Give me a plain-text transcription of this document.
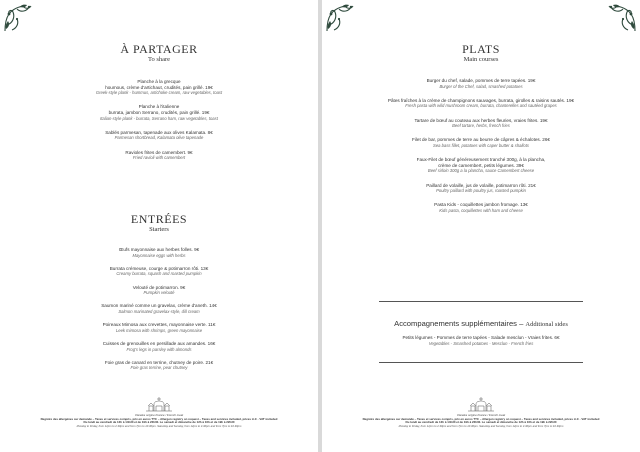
À PARTAGER
To share
Planche à la grecque
houmous, crème d'artichaut, crudités, pain grillé. 19€
Greek-style plank - hummus, artichoke cream, raw vegetables, toast
Planche à l'italienne
burrata, jambon Serrano, crudités, pain grillé. 19€
Italian-style plank - burrata, Serrano ham, raw vegetables, toast
Sablés parmesan, tapenade aux olives Kalamata. 8€
Parmesan shortbread, Kalamata olive tapenade
Ravioles frites de camembert. 9€
Fried ravioli with camembert
ENTRÉES
Starters
Œufs mayonnaise aux herbes folles. 9€
Mayonnaise eggs with herbs
Burrata crémeuse, courge & potimarron rôti. 13€
Creamy burrata, squash and roasted pumpkin
Velouté de potimarron. 9€
Pumpkin velouté
Saumon mariné comme un gravelax, crème d'aneth. 14€
Salmon marinated gravelax-style, dill cream
Poireaux Mimosa aux crevettes, mayonnaise verte. 11€
Leek mimosa with shrimps, green mayonnaise
Cuisses de grenouilles en persillade aux amandes. 16€
Frog's legs in parsley with almonds
Foie gras de canard en terrine, chutney de poire. 21€
Foie gras terrine, pear chutney
Viandes origine France / French meat
Registre des allergènes sur demande – Taxes et services compris, prix en euros TTC – Allergen registry on request – Taxes and services included, prices in € - VAT included
Du lundi au vendredi de 12h à 14h30 et de 19h à 22h30. Le samedi et dimanche de 12h à 16h et de 19h à 22h30
Monday to Friday, from 12pm to 2.30pm and from 7pm to 10.30pm. Saturday and Sunday, from 12pm to 4.30pm and from 7pm to 10.30pm
PLATS
Main courses
Burger du chef, salade, pommes de terre tapées. 19€
Burger of the Chef, salad, smashed potatoes
Pâtes fraîches à la crème de champignons sauvages, burrata, girolles & raisins sautés. 19€
Fresh pasta with wild mushroom cream, burrata, chanterelles and sautéed grapes
Tartare de bœuf au couteau aux herbes fleuries, vraies frites. 19€
Beef tartare, herbs, french fries
Filet de bar, pommes de terre au beurre de câpres & échalotes. 26€
Sea bass fillet, potatoes with caper butter & shallots
Faux-Filet de bœuf généreusement tranché 300g, à la plancha,
crème de camembert, petits légumes. 39€
Beef sirloin 300g a la plancha, sauce Camembert cheese
Paillard de volaille, jus de volaille, potimarron rôti. 21€
Poultry paillard with poultry jus, roasted pumpkin
Pasta Kids - coquillettes jambon fromage. 13€
Kids pasta, coquillettes with ham and cheese
Accompagnements supplémentaires – Additional sides
Petits légumes - Pommes de terre tapées - Salade mesclun - Vraies frites. 6€
Vegetables - Smashed potatoes - Mesclun - French fries
Viandes origine France / French meat
Registre des allergènes sur demande – Taxes et services compris, prix en euros TTC – Allergen registry on request – Taxes and services included, prices in € - VAT included
Du lundi au vendredi de 12h à 14h30 et de 19h à 22h30. Le samedi et dimanche de 12h à 16h et de 19h à 22h30
Monday to Friday, from 12pm to 2.30pm and from 7pm to 10.30pm. Saturday and Sunday, from 12pm to 4.30pm and from 7pm to 10.30pm
